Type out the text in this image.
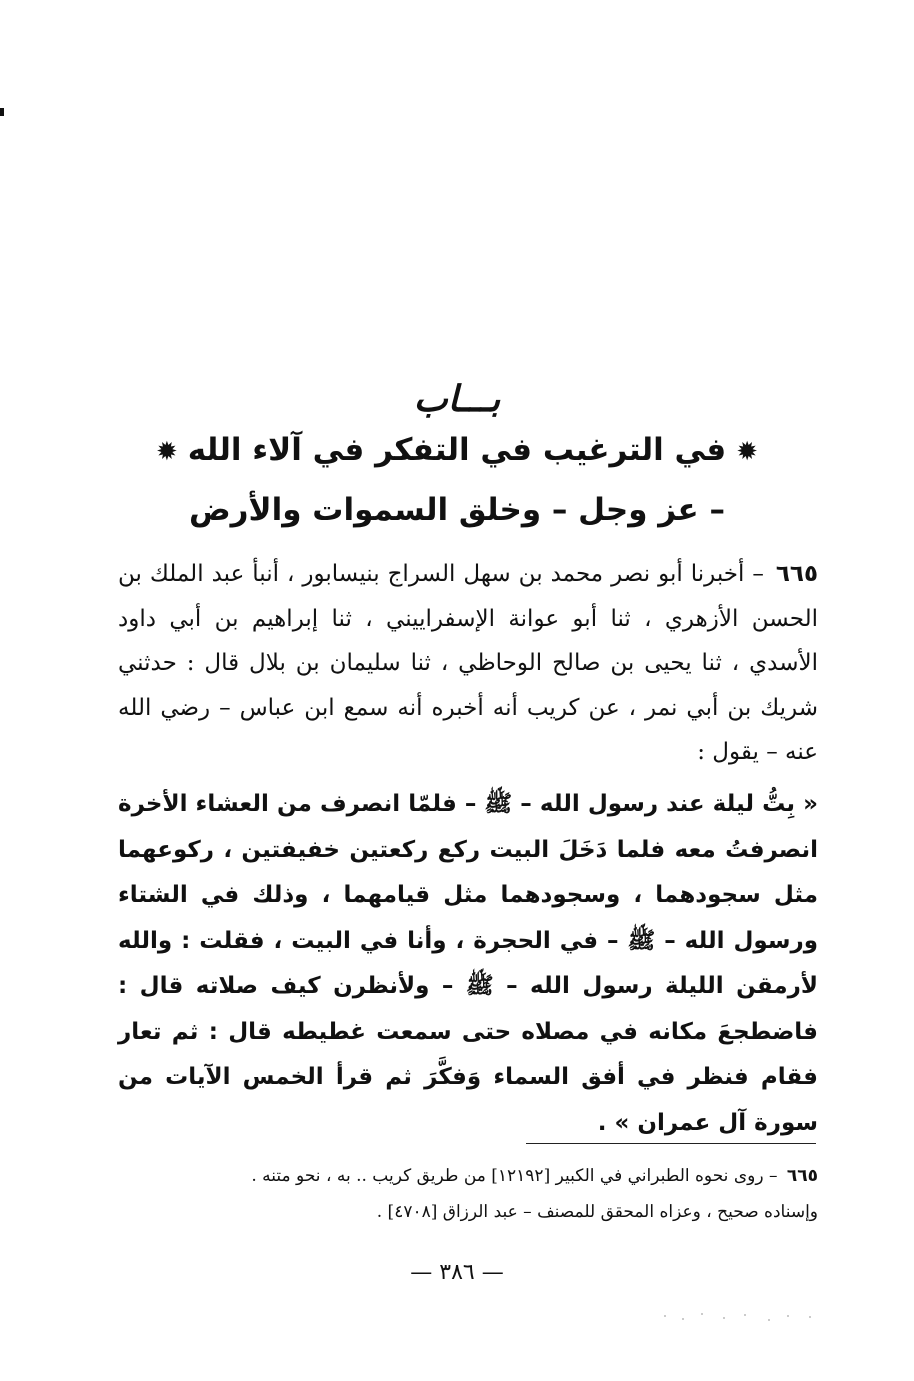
بـــاب
✹في الترغيب في التفكر في آلاء الله✹
– عز وجل – وخلق السموات والأرض
٦٦٥ – أخبرنا أبو نصر محمد بن سهل السراج بنيسابور ، أنبأ عبد الملك بن الحسن الأزهري ، ثنا أبو عوانة الإسفراييني ، ثنا إبراهيم بن أبي داود الأسدي ، ثنا يحيى بن صالح الوحاظي ، ثنا سليمان بن بلال قال : حدثني شريك بن أبي نمر ، عن كريب أنه أخبره أنه سمع ابن عباس – رضي الله عنه – يقول :
« بِتُّ ليلة عند رسول الله – ﷺ – فلمّا انصرف من العشاء الأخرة انصرفتُ معه فلما دَخَلَ البيت ركع ركعتين خفيفتين ، ركوعهما مثل سجودهما ، وسجودهما مثل قيامهما ، وذلك في الشتاء ورسول الله – ﷺ – في الحجرة ، وأنا في البيت ، فقلت : والله لأرمقن الليلة رسول الله – ﷺ – ولأنظرن كيف صلاته قال : فاضطجعَ مكانه في مصلاه حتى سمعت غطيطه قال : ثم تعار فقام فنظر في أفق السماء وَفكَّرَ ثم قرأ الخمس الآيات من سورة آل عمران » .

٦٦٥ – روى نحوه الطبراني في الكبير [١٢١٩٢] من طريق كريب .. به ، نحو متنه .

وإسناده صحيح ، وعزاه المحقق للمصنف – عبد الرزاق [٤٧٠٨] .

— ٣٨٦ —
